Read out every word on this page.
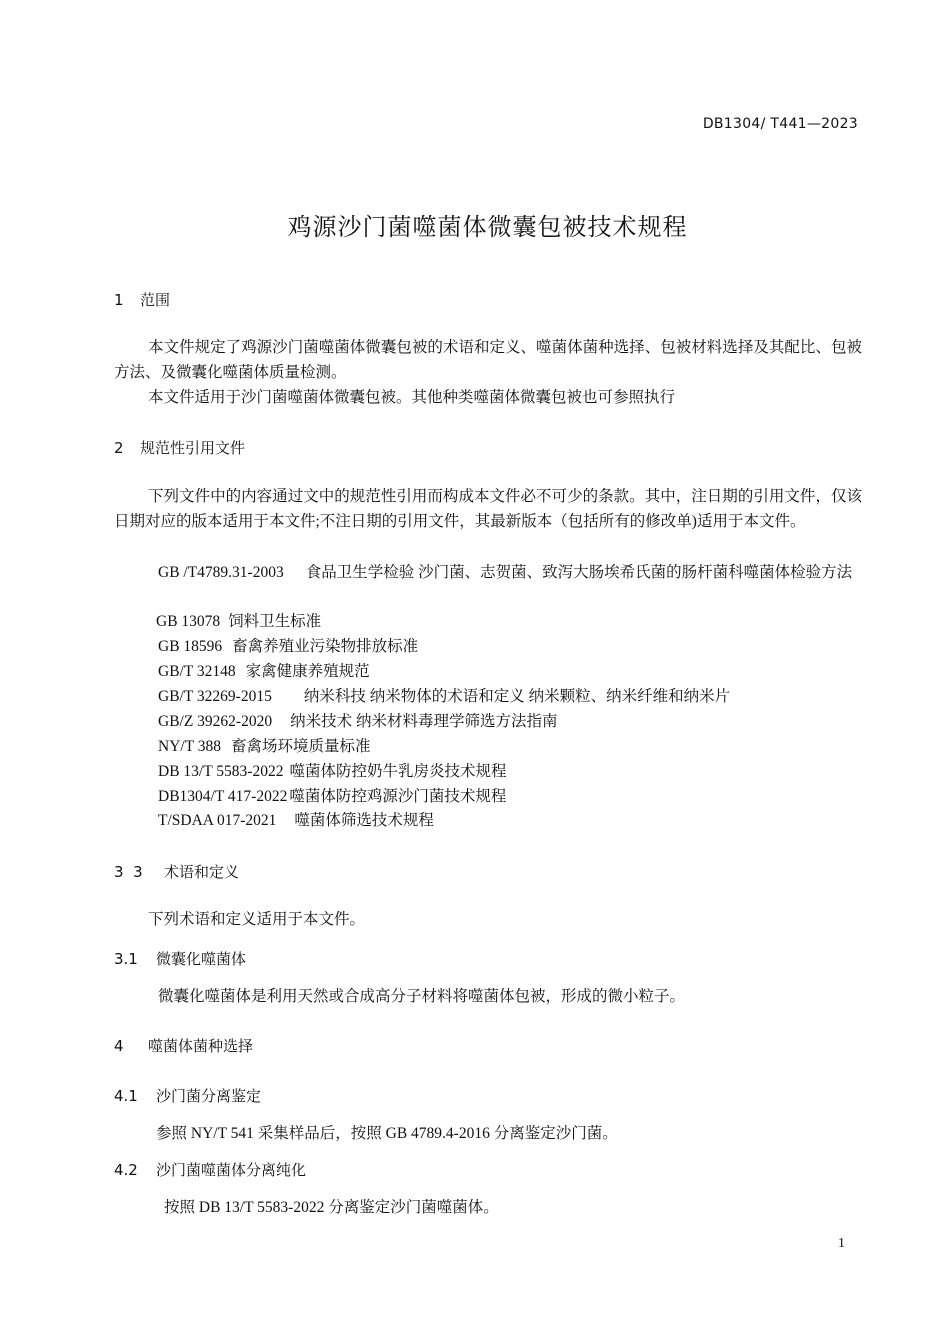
DB1304/ T441—2023
鸡源沙门菌噬菌体微囊包被技术规程
1 范围
本文件规定了鸡源沙门菌噬菌体微囊包被的术语和定义、噬菌体菌种选择、包被材料选择及其配比、包被方法、及微囊化噬菌体质量检测。
本文件适用于沙门菌噬菌体微囊包被。其他种类噬菌体微囊包被也可参照执行
2 规范性引用文件
下列文件中的内容通过文中的规范性引用而构成本文件必不可少的条款。其中，注日期的引用文件，仅该日期对应的版本适用于本文件;不注日期的引用文件，其最新版本（包括所有的修改单)适用于本文件。
GB /T4789.31-2003 食品卫生学检验 沙门菌、志贺菌、致泻大肠埃希氏菌的肠杆菌科噬菌体检验方法
GB 13078 饲料卫生标准
GB 18596 畜禽养殖业污染物排放标准
GB/T 32148 家禽健康养殖规范
GB/T 32269-2015 纳米科技 纳米物体的术语和定义 纳米颗粒、纳米纤维和纳米片
GB/Z 39262-2020 纳米技术 纳米材料毒理学筛选方法指南
NY/T 388 畜禽场环境质量标准
DB 13/T 5583-2022 噬菌体防控奶牛乳房炎技术规程
DB1304/T 417-2022 噬菌体防控鸡源沙门菌技术规程
T/SDAA 017-2021 噬菌体筛选技术规程
3  3 术语和定义
下列术语和定义适用于本文件。
3.1 微囊化噬菌体
微囊化噬菌体是利用天然或合成高分子材料将噬菌体包被，形成的微小粒子。
4 噬菌体菌种选择
4.1 沙门菌分离鉴定
参照 NY/T 541 采集样品后，按照 GB 4789.4-2016 分离鉴定沙门菌。
4.2 沙门菌噬菌体分离纯化
按照 DB 13/T 5583-2022 分离鉴定沙门菌噬菌体。
1
